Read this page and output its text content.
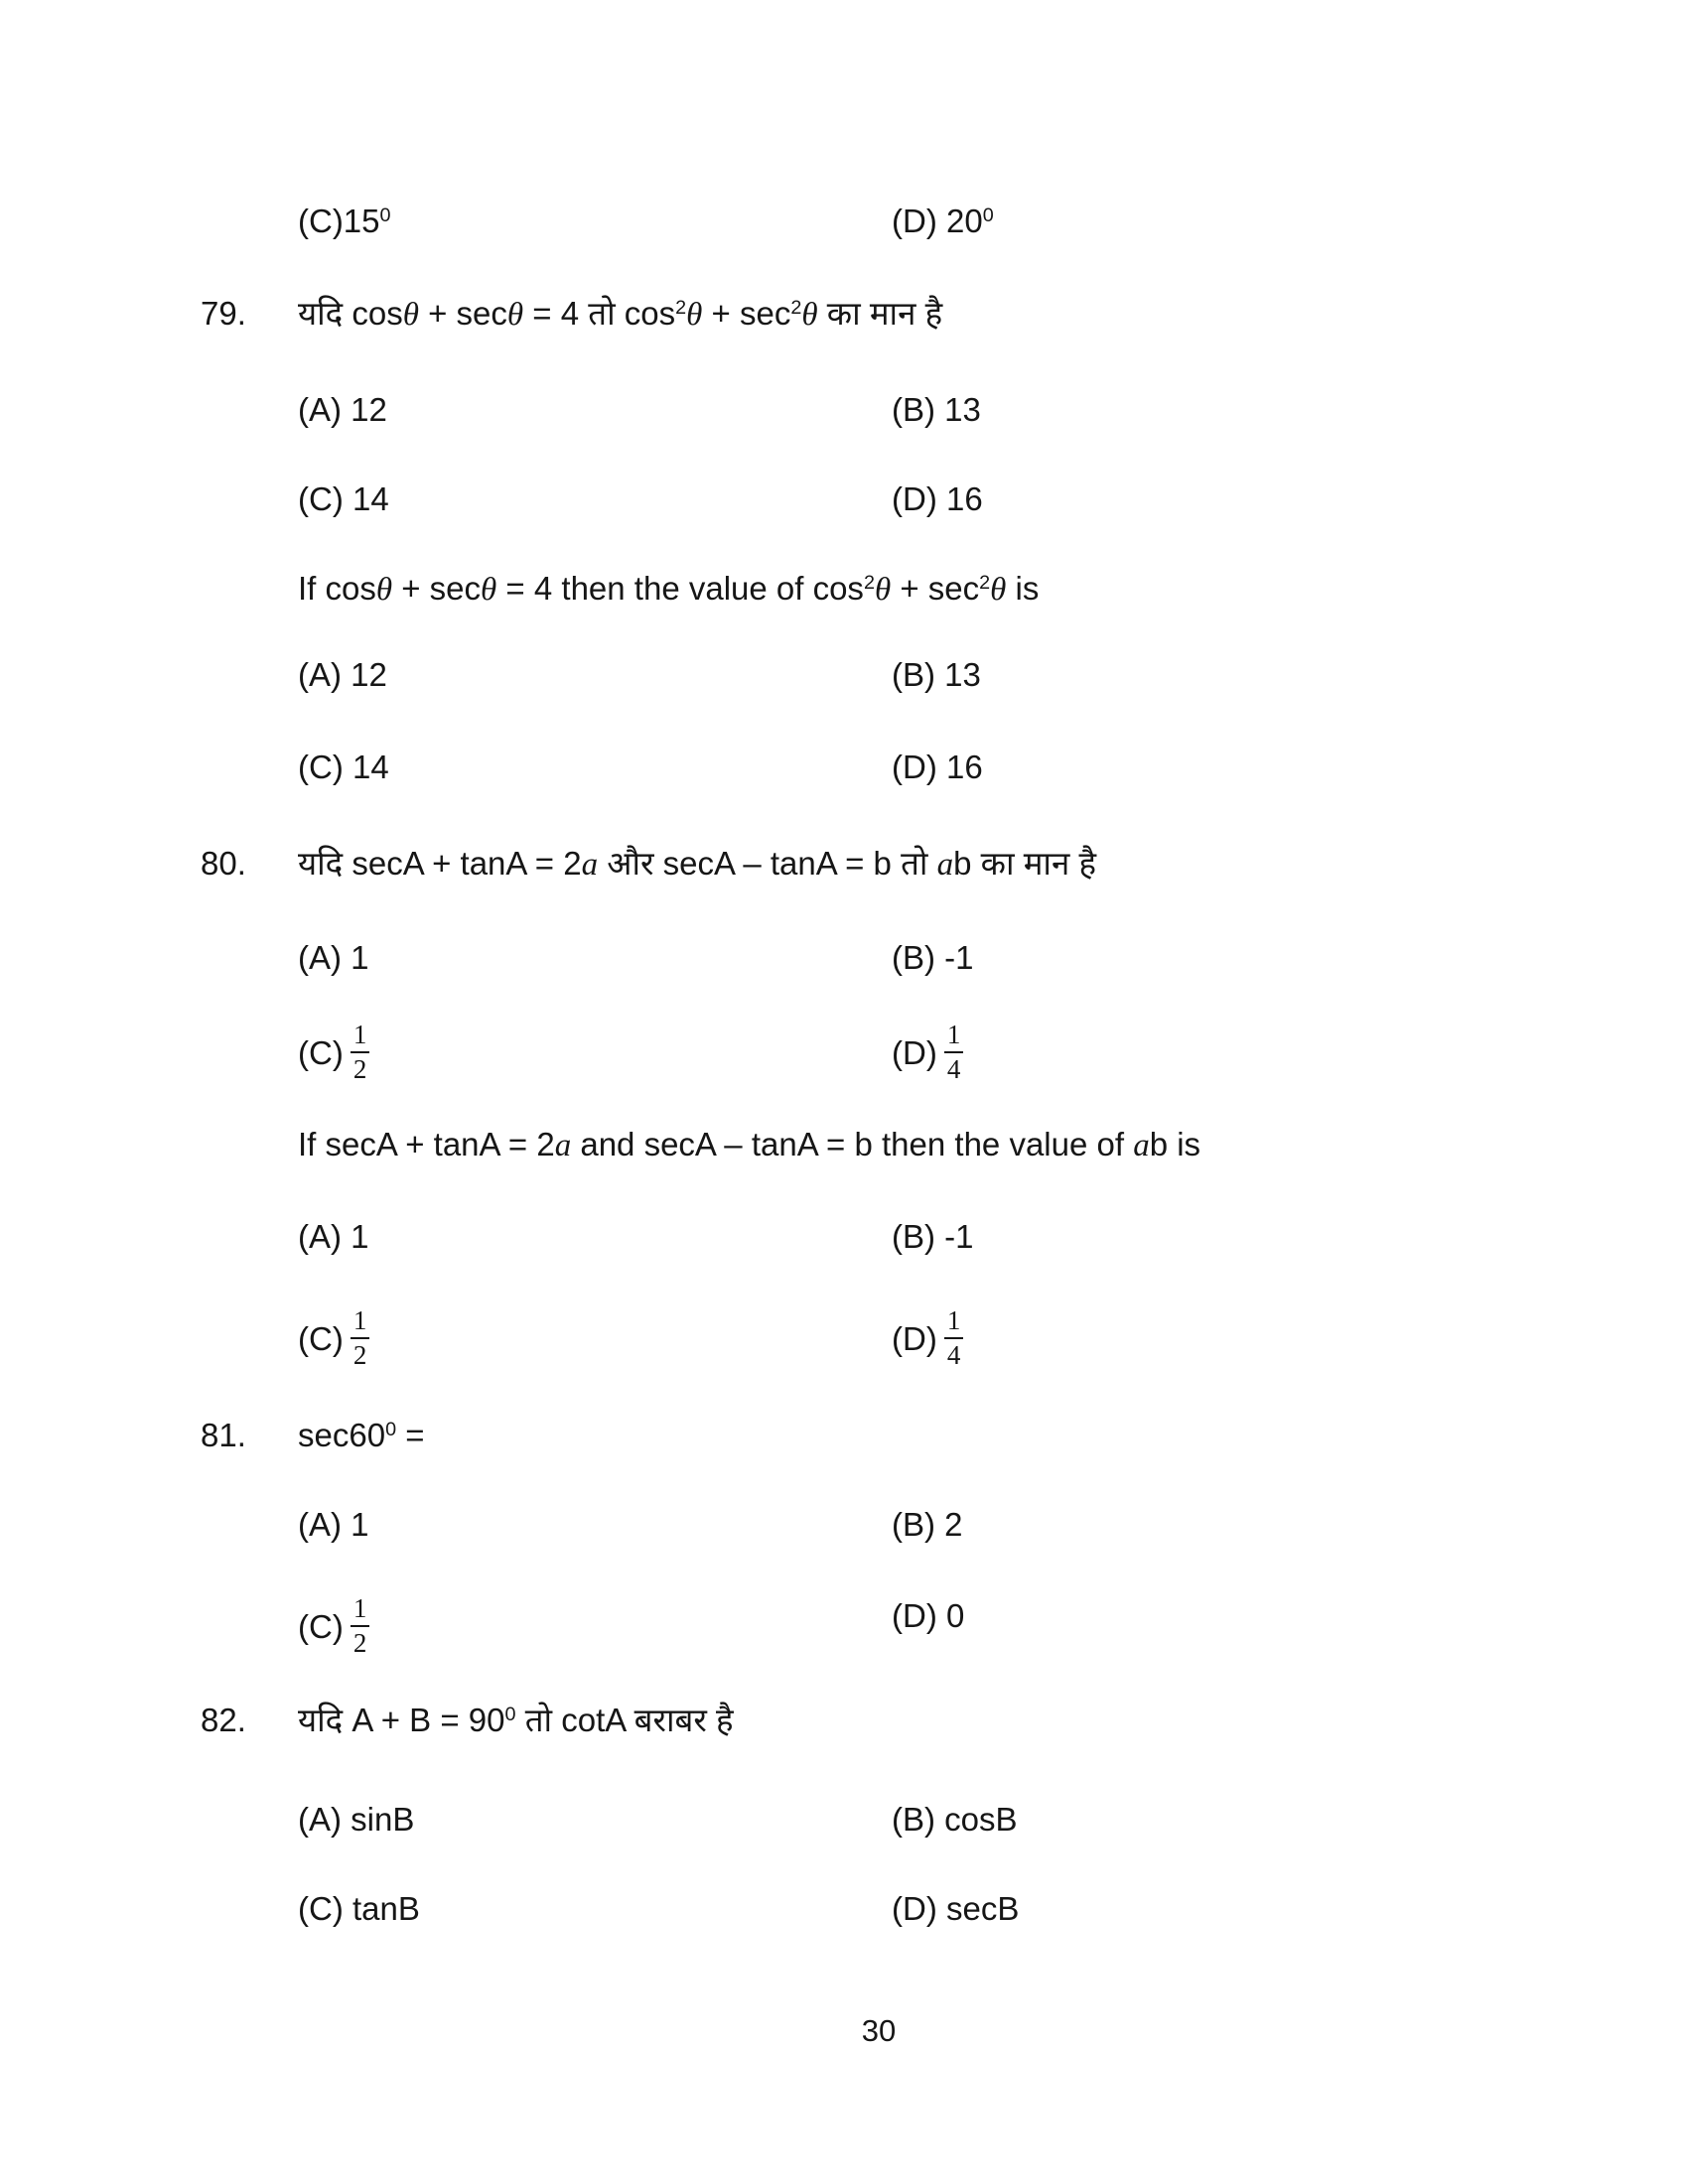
$(C)15^0$	(D) $20^0$
79. यदि cosθ + secθ = 4 तो $\cos^2\theta + \sec^2\theta$ का मान है
(A) 12	(B) 13
(C) 14	(D) 16
If cosθ + secθ = 4 then the value of $\cos^2\theta + \sec^2\theta$ is
(A) 12	(B) 13
(C) 14	(D) 16
80. यदि secA + tanA = 2a और secA – tanA = b तो ab का मान है
(A) 1	(B) -1
$(C) \frac{1}{2}$	$(D) \frac{1}{4}$
If secA + tanA = 2a and secA – tanA = b then the value of ab is
(A) 1	(B) -1
$(C) \frac{1}{2}$	$(D) \frac{1}{4}$
81. $\sec 60^0$ =
(A) 1	(B) 2
$(C) \frac{1}{2}$	(D) 0
82. यदि $A + B = 90^0$ तो cotA बराबर है
(A) sinB	(B) cosB
(C) tanB	(D) secB
30
